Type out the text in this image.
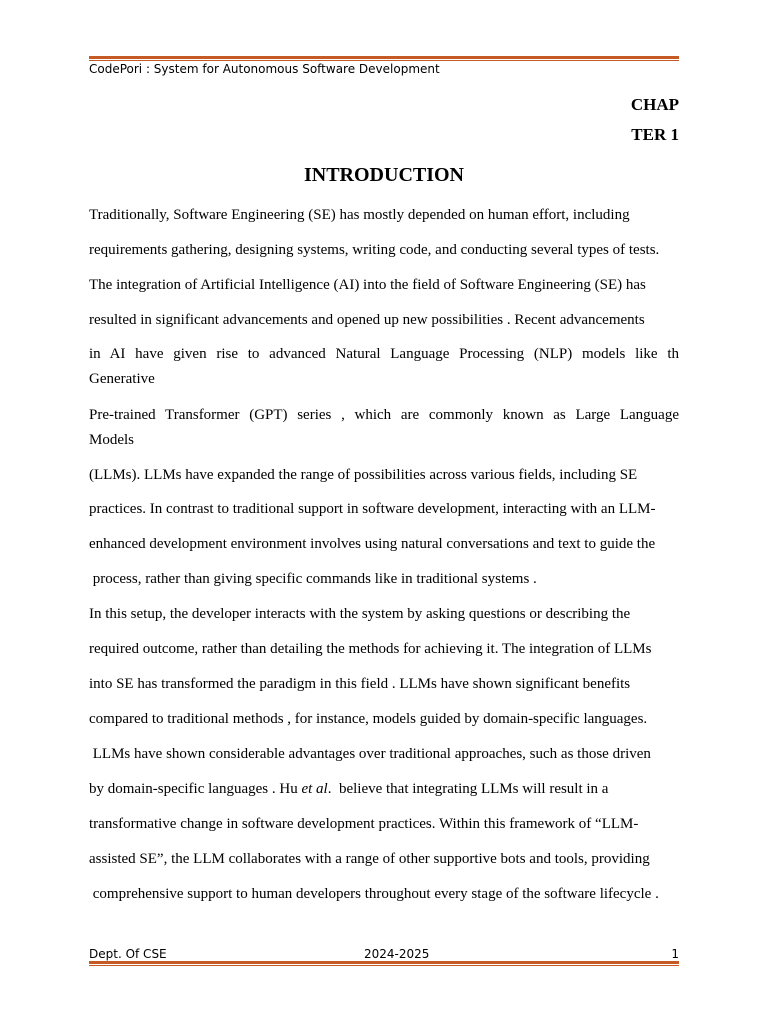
CodePori : System for Autonomous Software Development
CHAP
TER 1
INTRODUCTION
Traditionally, Software Engineering (SE) has mostly depended on human effort, including
requirements gathering, designing systems, writing code, and conducting several types of tests.
The integration of Artificial Intelligence (AI) into the field of Software Engineering (SE) has
resulted in significant advancements and opened up new possibilities . Recent advancements
in AI have given rise to advanced Natural Language Processing (NLP) models like th
Generative
Pre-trained Transformer (GPT) series , which are commonly known as Large Language
Models
(LLMs). LLMs have expanded the range of possibilities across various fields, including SE
practices. In contrast to traditional support in software development, interacting with an LLM-
enhanced development environment involves using natural conversations and text to guide the
process, rather than giving specific commands like in traditional systems .
In this setup, the developer interacts with the system by asking questions or describing the
required outcome, rather than detailing the methods for achieving it. The integration of LLMs
into SE has transformed the paradigm in this field . LLMs have shown significant benefits
compared to traditional methods , for instance, models guided by domain-specific languages.
LLMs have shown considerable advantages over traditional approaches, such as those driven
by domain-specific languages . Hu et al.  believe that integrating LLMs will result in a
transformative change in software development practices. Within this framework of “LLM-
assisted SE”, the LLM collaborates with a range of other supportive bots and tools, providing
comprehensive support to human developers throughout every stage of the software lifecycle .
Dept. Of CSE	2024-2025	1
